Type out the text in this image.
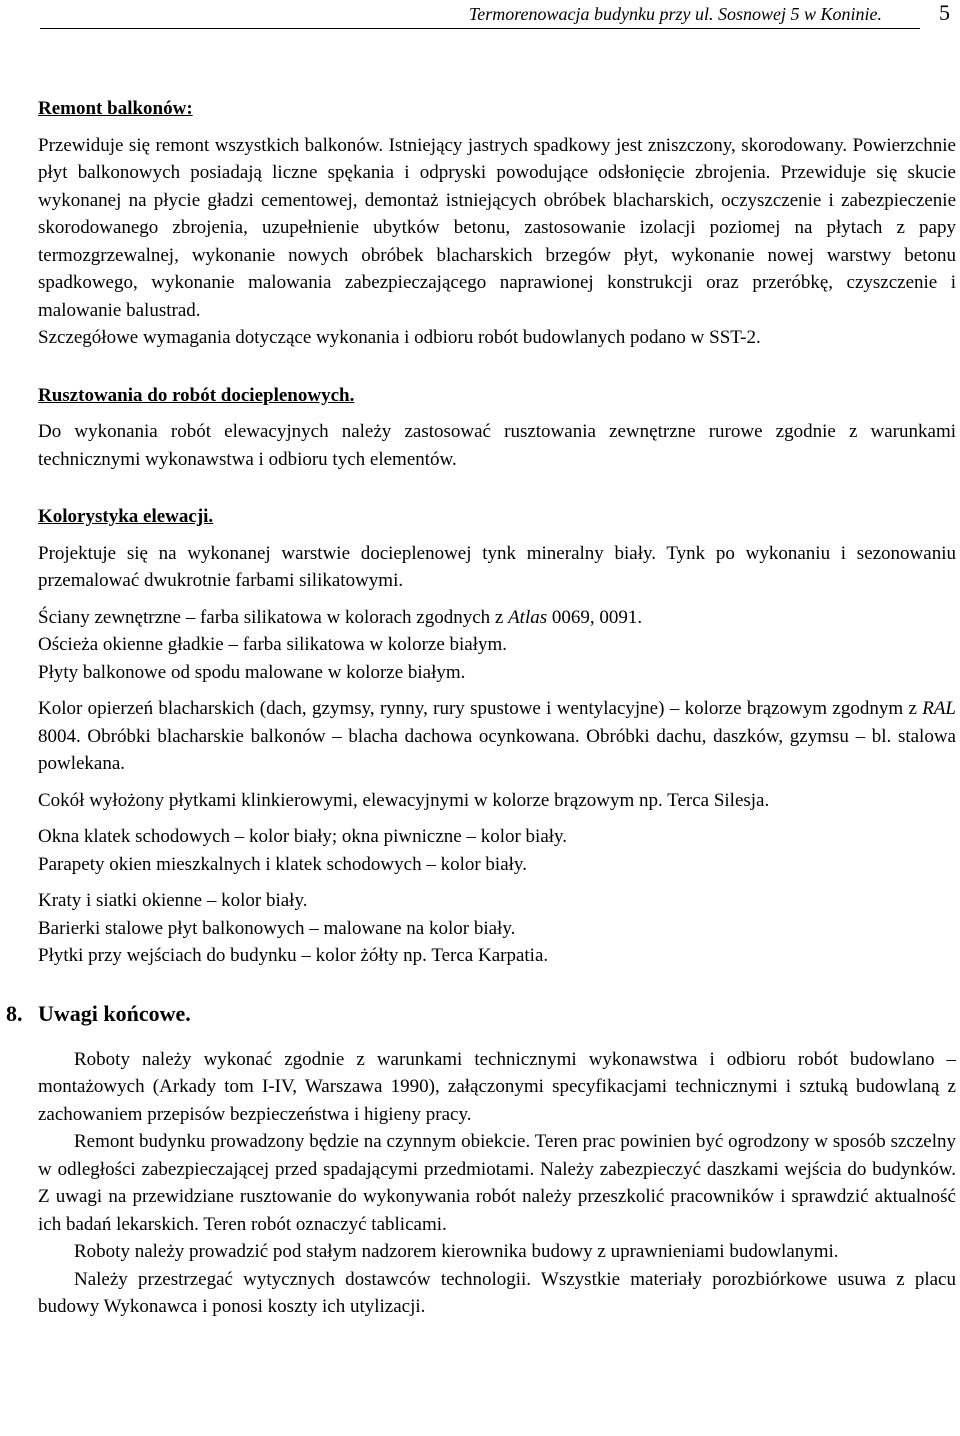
Termorenowacja budynku przy ul. Sosnowej 5 w Koninie.	5

Remont balkonów:

Przewiduje się remont wszystkich balkonów. Istniejący jastrych spadkowy jest zniszczony, skorodowany. Powierzchnie płyt balkonowych posiadają liczne spękania i odpryski powodujące odsłonięcie zbrojenia. Przewiduje się skucie wykonanej na płycie gładzi cementowej, demontaż istniejących obróbek blacharskich, oczyszczenie i zabezpieczenie skorodowanego zbrojenia, uzupełnienie ubytków betonu, zastosowanie izolacji poziomej na płytach z papy termozgrzewalnej, wykonanie nowych obróbek blacharskich brzegów płyt, wykonanie nowej warstwy betonu spadkowego, wykonanie malowania zabezpieczającego naprawionej konstrukcji oraz przeróbkę, czyszczenie i malowanie balustrad.

Szczegółowe wymagania dotyczące wykonania i odbioru robót budowlanych podano w SST-2.

Rusztowania do robót docieplenowych.

Do wykonania robót elewacyjnych należy zastosować rusztowania zewnętrzne rurowe zgodnie z warunkami technicznymi wykonawstwa i odbioru tych elementów.

Kolorystyka elewacji.

Projektuje się na wykonanej warstwie docieplenowej tynk mineralny biały. Tynk po wykonaniu i sezonowaniu przemalować dwukrotnie farbami silikatowymi.

Ściany zewnętrzne – farba silikatowa w kolorach zgodnych z Atlas 0069, 0091.

Ościeża okienne gładkie – farba silikatowa w kolorze białym.

Płyty balkonowe od spodu malowane w kolorze białym.

Kolor opierzeń blacharskich (dach, gzymsy, rynny, rury spustowe i wentylacyjne) – kolorze brązowym zgodnym z RAL 8004. Obróbki blacharskie balkonów – blacha dachowa ocynkowana. Obróbki dachu, daszków, gzymsu – bl. stalowa powlekana.

Cokół wyłożony płytkami klinkierowymi, elewacyjnymi w kolorze brązowym np. Terca Silesja.

Okna klatek schodowych – kolor biały; okna piwniczne – kolor biały.

Parapety okien mieszkalnych i klatek schodowych – kolor biały.

Kraty i siatki okienne – kolor biały.

Barierki stalowe płyt balkonowych – malowane na kolor biały.

Płytki przy wejściach do budynku – kolor żółty np. Terca Karpatia.

8. Uwagi końcowe.

Roboty należy wykonać zgodnie z warunkami technicznymi wykonawstwa i odbioru robót budowlano – montażowych (Arkady tom I-IV, Warszawa 1990), załączonymi specyfikacjami technicznymi i sztuką budowlaną z zachowaniem przepisów bezpieczeństwa i higieny pracy.

Remont budynku prowadzony będzie na czynnym obiekcie. Teren prac powinien być ogrodzony w sposób szczelny w odległości zabezpieczającej przed spadającymi przedmiotami. Należy zabezpieczyć daszkami wejścia do budynków. Z uwagi na przewidziane rusztowanie do wykonywania robót należy przeszkolić pracowników i sprawdzić aktualność ich badań lekarskich. Teren robót oznaczyć tablicami.

Roboty należy prowadzić pod stałym nadzorem kierownika budowy z uprawnieniami budowlanymi.

Należy przestrzegać wytycznych dostawców technologii. Wszystkie materiały porozbiórkowe usuwa z placu budowy Wykonawca i ponosi koszty ich utylizacji.
